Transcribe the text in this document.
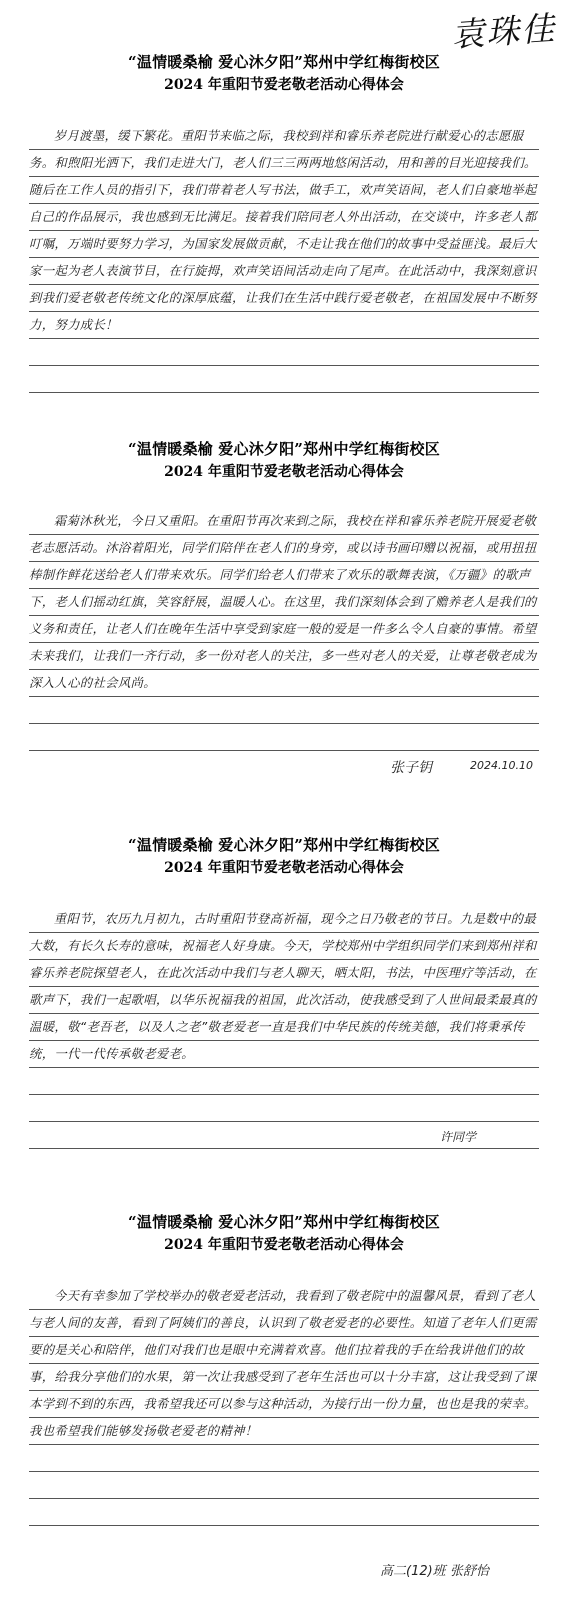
袁珠佳
“温情暖桑榆 爱心沐夕阳”郑州中学红梅街校区
2024 年重阳节爱老敬老活动心得体会
岁月渡墨，缓下繁花。重阳节来临之际，我校到祥和睿乐养老院进行献爱心的志愿服务。和煦阳光洒下，我们走进大门，老人们三三两两地悠闲活动，用和善的目光迎接我们。随后在工作人员的指引下，我们带着老人写书法，做手工，欢声笑语间，老人们自豪地举起自己的作品展示，我也感到无比满足。接着我们陪同老人外出活动，在交谈中，许多老人都叮嘱，万端时要努力学习，为国家发展做贡献，不走让我在他们的故事中受益匪浅。最后大家一起为老人表演节目，在行旋拇，欢声笑语间活动走向了尾声。在此活动中，我深刻意识到我们爱老敬老传统文化的深厚底蕴，让我们在生活中践行爱老敬老，在祖国发展中不断努力，努力成长！
“温情暖桑榆 爱心沐夕阳”郑州中学红梅街校区
2024 年重阳节爱老敬老活动心得体会
霜菊沐秋光，今日又重阳。在重阳节再次来到之际，我校在祥和睿乐养老院开展爱老敬老志愿活动。沐浴着阳光，同学们陪伴在老人们的身旁，或以诗书画印赠以祝福，或用扭扭棒制作鲜花送给老人们带来欢乐。同学们给老人们带来了欢乐的歌舞表演，《万疆》的歌声下，老人们摇动红旗，笑容舒展，温暖人心。在这里，我们深刻体会到了赡养老人是我们的义务和责任，让老人们在晚年生活中享受到家庭一般的爱是一件多么令人自豪的事情。希望未来我们，让我们一齐行动，多一份对老人的关注，多一些对老人的关爱，让尊老敬老成为深入人心的社会风尚。
张子钥	2024.10.10
“温情暖桑榆 爱心沐夕阳”郑州中学红梅街校区
2024 年重阳节爱老敬老活动心得体会
重阳节，农历九月初九，古时重阳节登高祈福，现今之日乃敬老的节日。九是数中的最大数，有长久长寿的意味，祝福老人好身康。今天，学校郑州中学组织同学们来到郑州祥和睿乐养老院探望老人，在此次活动中我们与老人聊天，晒太阳，书法，中医理疗等活动，在歌声下，我们一起歌唱，以华乐祝福我的祖国，此次活动，使我感受到了人世间最柔最真的温暖，敬“老吾老，以及人之老”敬老爱老一直是我们中华民族的传统美德，我们将秉承传统，一代一代传承敬老爱老。
许同学
“温情暖桑榆 爱心沐夕阳”郑州中学红梅街校区
2024 年重阳节爱老敬老活动心得体会
今天有幸参加了学校举办的敬老爱老活动，我看到了敬老院中的温馨风景，看到了老人与老人间的友善，看到了阿姨们的善良，认识到了敬老爱老的必要性。知道了老年人们更需要的是关心和陪伴，他们对我们也是眼中充满着欢喜。他们拉着我的手在给我讲他们的故事，给我分享他们的水果，第一次让我感受到了老年生活也可以十分丰富，这让我受到了课本学到不到的东西，我希望我还可以参与这种活动，为接行出一份力量，也也是我的荣幸。我也希望我们能够发扬敬老爱老的精神！
高二(12)班 张舒怡
